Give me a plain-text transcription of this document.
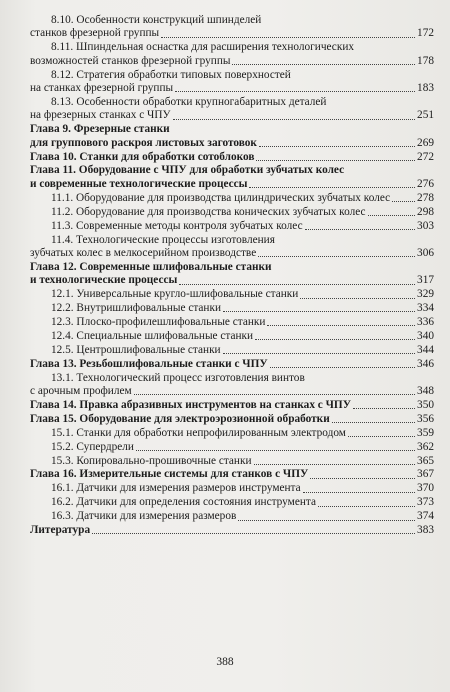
8.10. Особенности конструкций шпинделей
станков фрезерной группы	172
8.11. Шпиндельная оснастка для расширения технологических
возможностей станков фрезерной группы	178
8.12. Стратегия обработки типовых поверхностей
на станках фрезерной группы	183
8.13. Особенности обработки крупногабаритных деталей
на фрезерных станках с ЧПУ	251
Глава 9. Фрезерные станки
для группового раскроя листовых заготовок	269
Глава 10. Станки для обработки сотоблоков	272
Глава 11. Оборудование с ЧПУ для обработки зубчатых колес
и современные технологические процессы	276
11.1. Оборудование для производства цилиндрических зубчатых колес 278
11.2. Оборудование для производства конических зубчатых колес	298
11.3. Современные методы контроля зубчатых колес	303
11.4. Технологические процессы изготовления
зубчатых колес в мелкосерийном производстве	306
Глава 12. Современные шлифовальные станки
и технологические процессы	317
12.1. Универсальные кругло-шлифовальные станки	329
12.2. Внутришлифовальные станки	334
12.3. Плоско-профилешлифовальные станки	336
12.4. Специальные шлифовальные станки	340
12.5. Центрошлифовальные станки	344
Глава 13. Резьбошлифовальные станки с ЧПУ	346
13.1. Технологический процесс изготовления винтов
с арочным профилем	348
Глава 14. Правка абразивных инструментов на станках с ЧПУ	350
Глава 15. Оборудование для электроэрозионной обработки	356
15.1. Станки для обработки непрофилированным электродом	359
15.2. Супердрели	362
15.3. Копировально-прошивочные станки	365
Глава 16. Измерительные системы для станков с ЧПУ	367
16.1. Датчики для измерения размеров инструмента	370
16.2. Датчики для определения состояния инструмента	373
16.3. Датчики для измерения размеров	374
Литература	383
388
